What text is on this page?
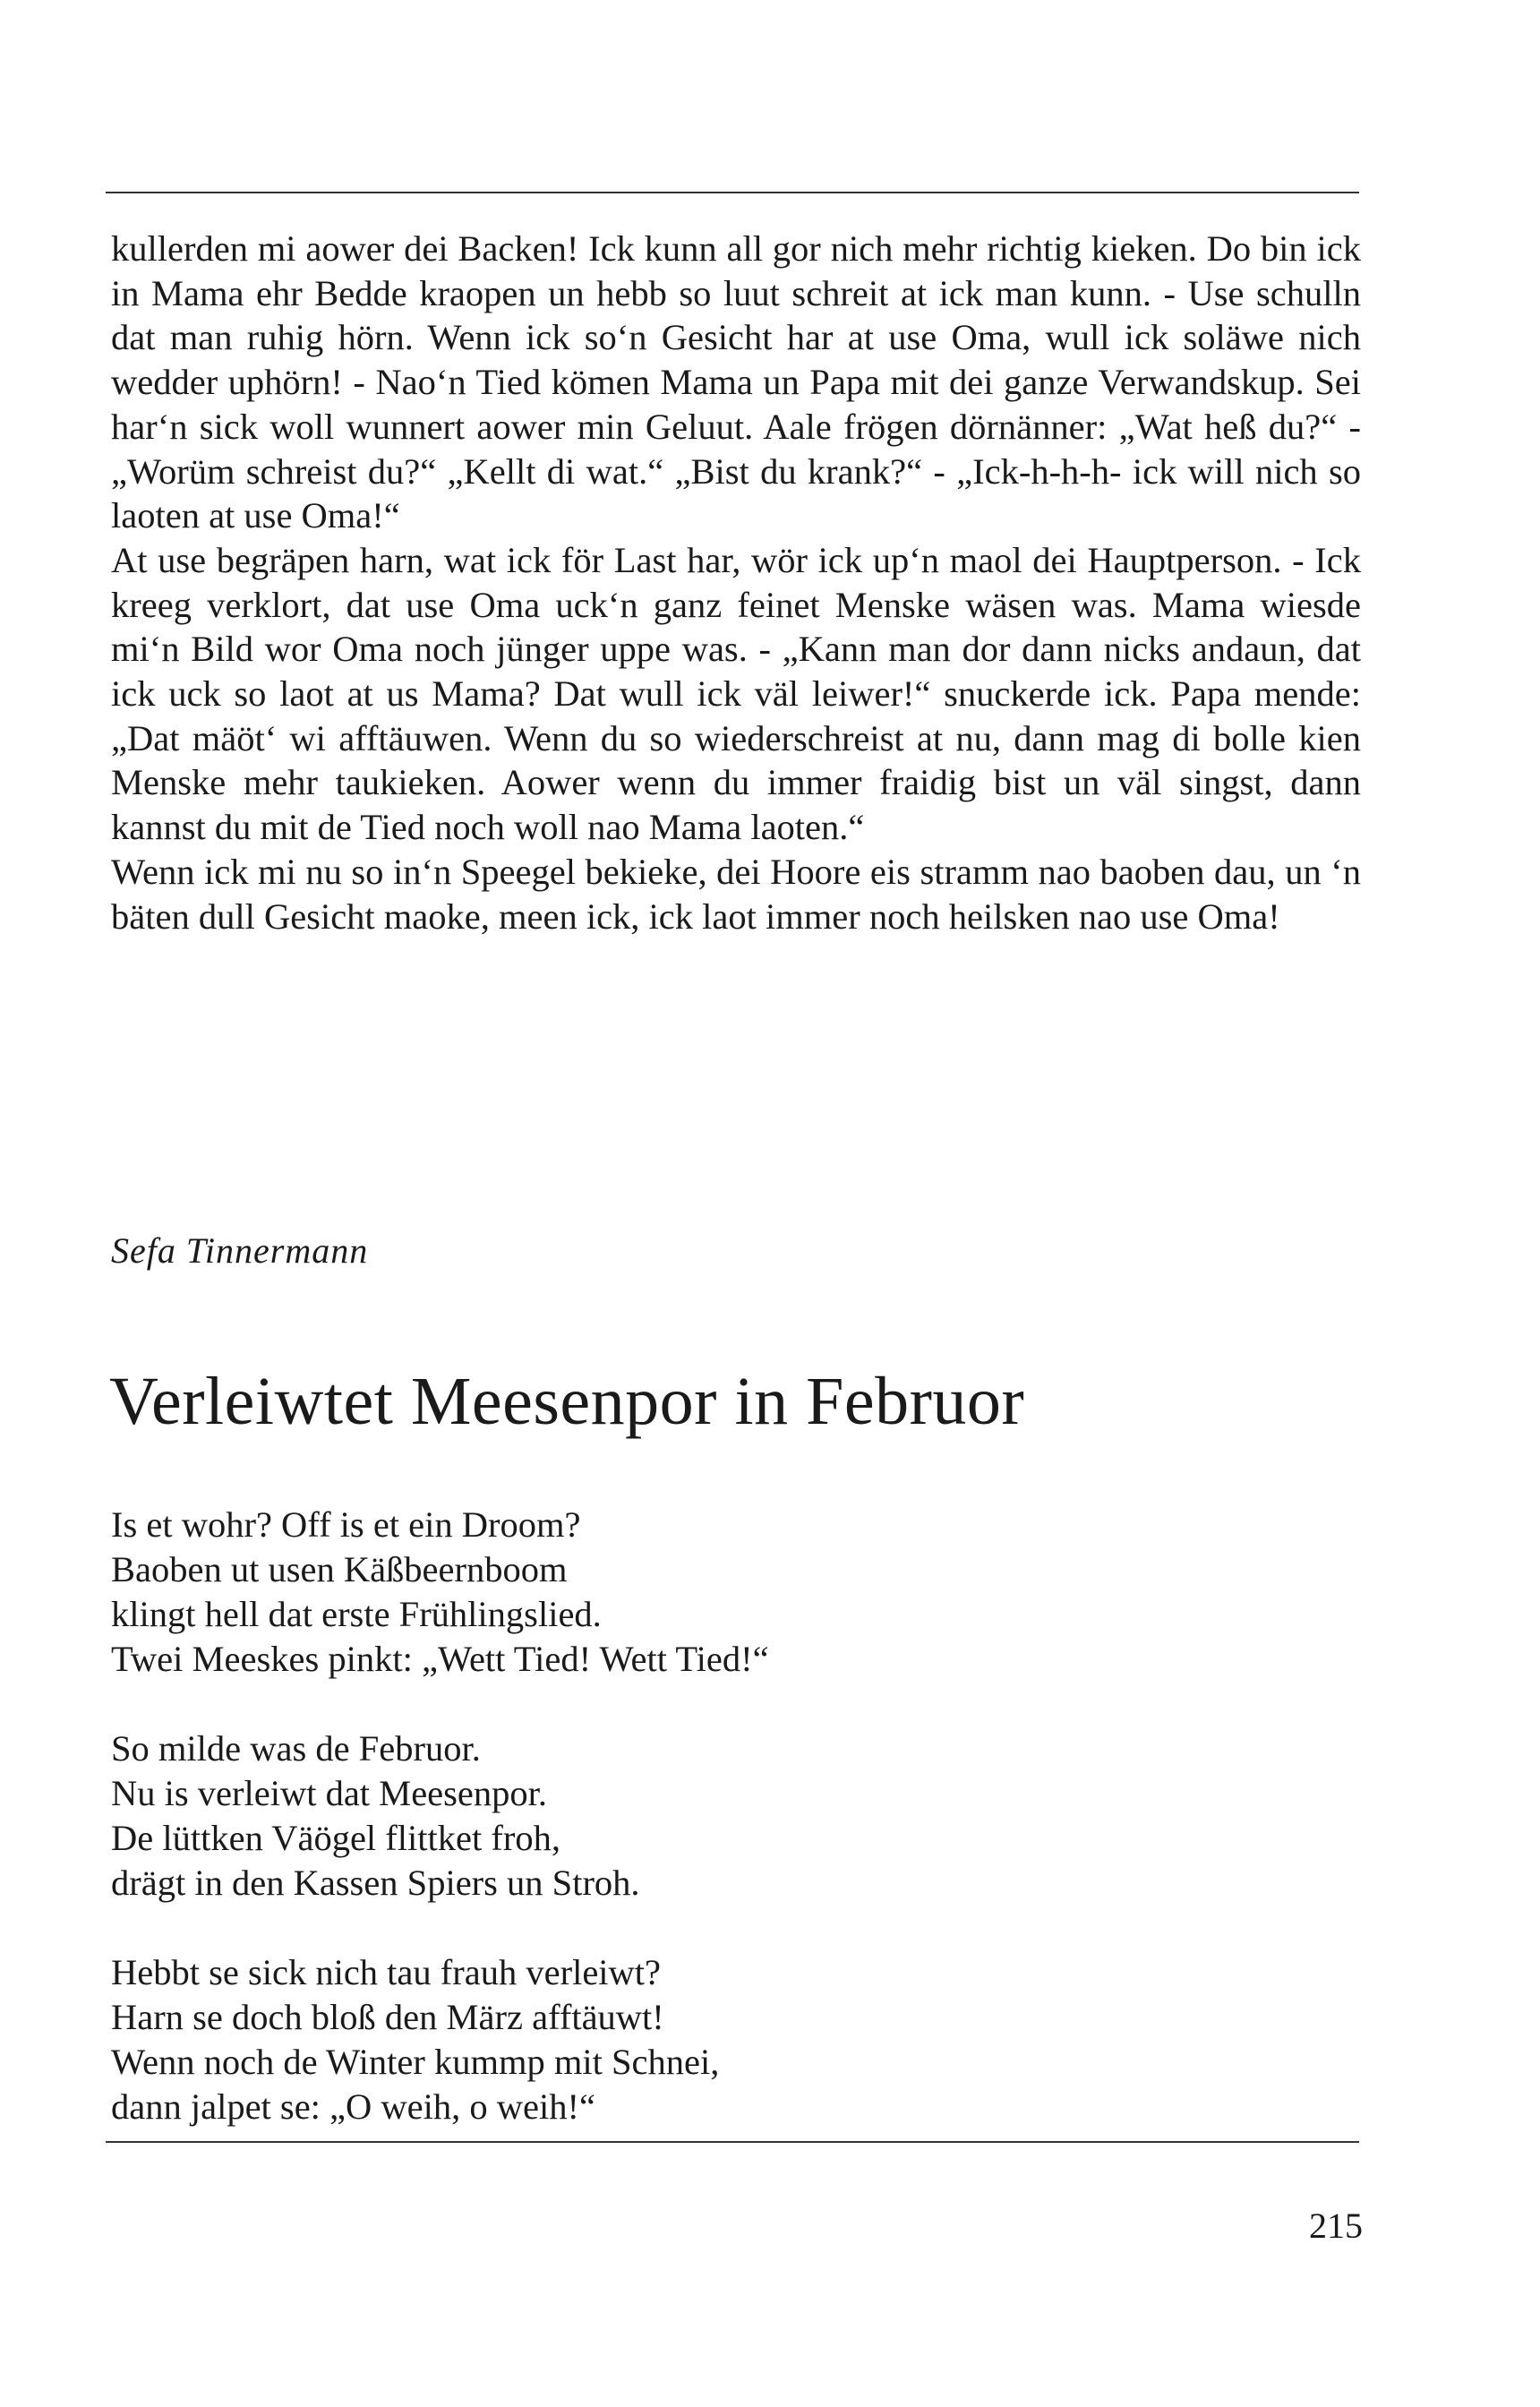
kullerden mi aower dei Backen! Ick kunn all gor nich mehr richtig kieken. Do bin ick in Mama ehr Bedde kraopen un hebb so luut schreit at ick man kunn. - Use schulln dat man ruhig hörn. Wenn ick so‘n Gesicht har at use Oma, wull ick soläwe nich wedder uphörn! - Nao‘n Tied kömen Mama un Papa mit dei ganze Verwandskup. Sei har‘n sick woll wunnert aower min Geluut. Aale frögen dörnänner: „Wat heß du?“ - „Worüm schreist du?“ „Kellt di wat.“ „Bist du krank?“ - „Ick-h-h-h- ick will nich so laoten at use Oma!“

At use begräpen harn, wat ick för Last har, wör ick up‘n maol dei Hauptperson. - Ick kreeg verklort, dat use Oma uck‘n ganz feinet Menske wäsen was. Mama wiesde mi‘n Bild wor Oma noch jünger uppe was. - „Kann man dor dann nicks andaun, dat ick uck so laot at us Mama? Dat wull ick väl leiwer!“ snuckerde ick. Papa mende: „Dat mäöt‘ wi afftäuwen. Wenn du so wiederschreist at nu, dann mag di bolle kien Menske mehr taukieken. Aower wenn du immer fraidig bist un väl singst, dann kannst du mit de Tied noch woll nao Mama laoten.“

Wenn ick mi nu so in‘n Speegel bekieke, dei Hoore eis stramm nao baoben dau, un ‘n bäten dull Gesicht maoke, meen ick, ick laot immer noch heilsken nao use Oma!

Sefa Tinnermann
Verleiwtet Meesenpor in Februor
Is et wohr? Off is et ein Droom?
Baoben ut usen Käßbeernboom
klingt hell dat erste Frühlingslied.
Twei Meeskes pinkt: „Wett Tied! Wett Tied!“
So milde was de Februor.
Nu is verleiwt dat Meesenpor.
De lüttken Väögel flittket froh,
drägt in den Kassen Spiers un Stroh.
Hebbt se sick nich tau frauh verleiwt?
Harn se doch bloß den März afftäuwt!
Wenn noch de Winter kummp mit Schnei,
dann jalpet se: „O weih, o weih!“
215
